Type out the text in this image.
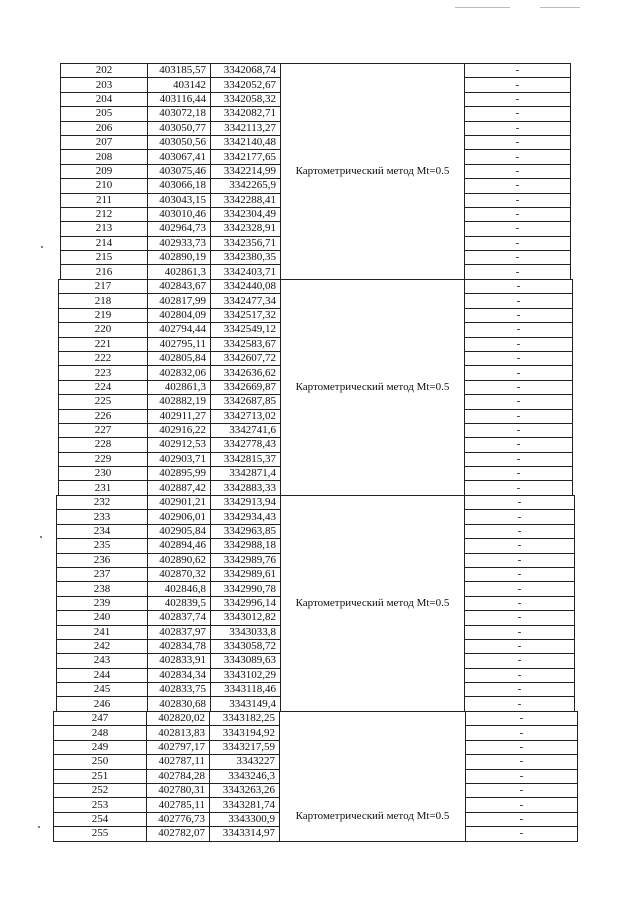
202	403185,57	3342068,74	Картометрический метод Mt=0.5	-
203	403142	3342052,67		-
204	403116,44	3342058,32		-
205	403072,18	3342082,71		-
206	403050,77	3342113,27		-
207	403050,56	3342140,48		-
208	403067,41	3342177,65		-
209	403075,46	3342214,99		-
210	403066,18	3342265,9		-
211	403043,15	3342288,41		-
212	403010,46	3342304,49		-
213	402964,73	3342328,91		-
214	402933,73	3342356,71		-
215	402890,19	3342380,35		-
216	402861,3	3342403,71		-
217	402843,67	3342440,08	Картометрический метод Mt=0.5	-
218	402817,99	3342477,34		-
219	402804,09	3342517,32		-
220	402794,44	3342549,12		-
221	402795,11	3342583,67		-
222	402805,84	3342607,72		-
223	402832,06	3342636,62		-
224	402861,3	3342669,87		-
225	402882,19	3342687,85		-
226	402911,27	3342713,02		-
227	402916,22	3342741,6		-
228	402912,53	3342778,43		-
229	402903,71	3342815,37		-
230	402895,99	3342871,4		-
231	402887,42	3342883,33		-
232	402901,21	3342913,94	Картометрический метод Mt=0.5	-
233	402906,01	3342934,43		-
234	402905,84	3342963,85		-
235	402894,46	3342988,18		-
236	402890,62	3342989,76		-
237	402870,32	3342989,61		-
238	402846,8	3342990,78		-
239	402839,5	3342996,14		-
240	402837,74	3343012,82		-
241	402837,97	3343033,8		-
242	402834,78	3343058,72		-
243	402833,91	3343089,63		-
244	402834,34	3343102,29		-
245	402833,75	3343118,46		-
246	402830,68	3343149,4		-
247	402820,02	3343182,25	Картометрический метод Mt=0.5	-
248	402813,83	3343194,92		-
249	402797,17	3343217,59		-
250	402787,11	3343227		-
251	402784,28	3343246,3		-
252	402780,31	3343263,26		-
253	402785,11	3343281,74		-
254	402776,73	3343300,9		-
255	402782,07	3343314,97		-
